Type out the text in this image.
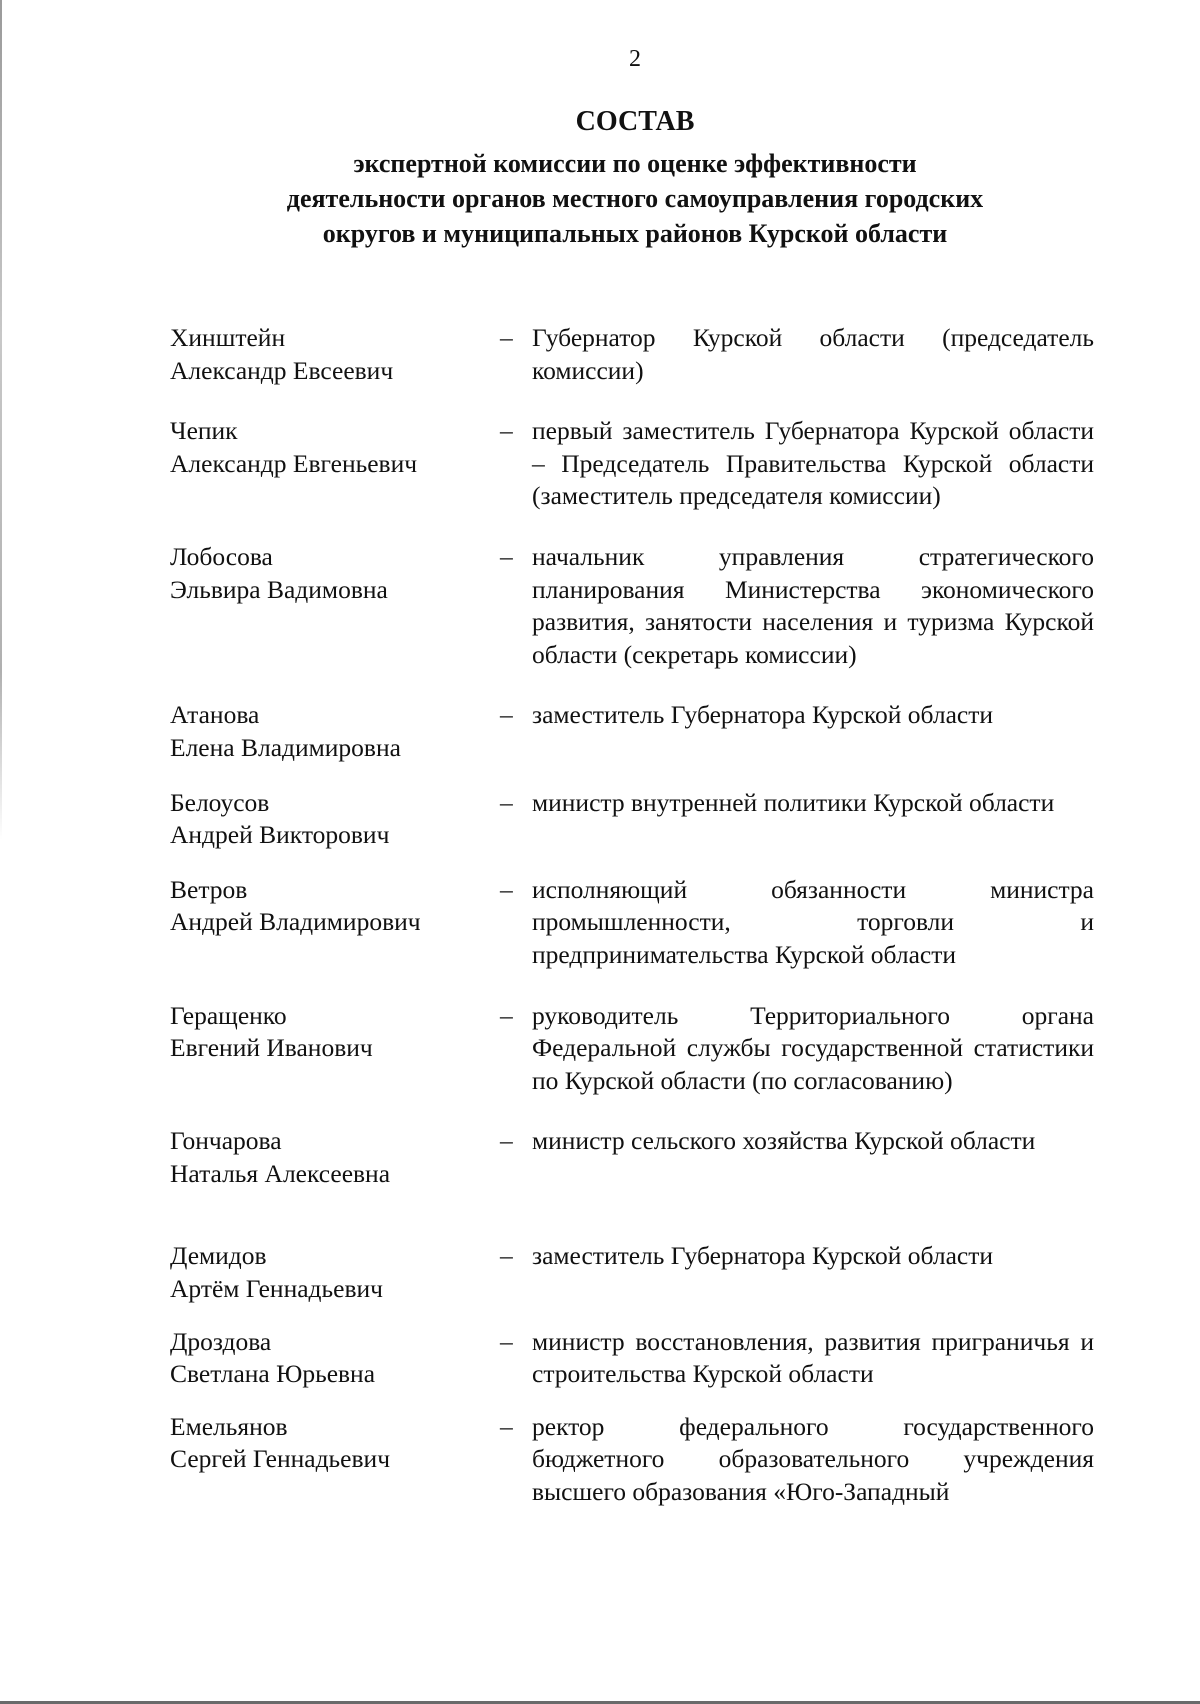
2
СОСТАВ
экспертной комиссии по оценке эффективности
деятельности органов местного самоуправления городских
округов и муниципальных районов Курской области
Хинштейн
Александр Евсеевич
– Губернатор Курской области (председатель комиссии)
Чепик
Александр Евгеньевич
– первый заместитель Губернатора Курской области – Председатель Правительства Курской области (заместитель председателя комиссии)
Лобосова
Эльвира Вадимовна
– начальник управления стратегического планирования Министерства экономического развития, занятости населения и туризма Курской области (секретарь комиссии)
Атанова
Елена Владимировна
– заместитель Губернатора Курской области
Белоусов
Андрей Викторович
– министр внутренней политики Курской области
Ветров
Андрей Владимирович
– исполняющий обязанности министра промышленности, торговли и предпринимательства Курской области
Геращенко
Евгений Иванович
– руководитель Территориального органа Федеральной службы государственной статистики по Курской области (по согласованию)
Гончарова
Наталья Алексеевна
– министр сельского хозяйства Курской области
Демидов
Артём Геннадьевич
– заместитель Губернатора Курской области
Дроздова
Светлана Юрьевна
– министр восстановления, развития приграничья и строительства Курской области
Емельянов
Сергей Геннадьевич
– ректор федерального государственного бюджетного образовательного учреждения высшего образования «Юго-Западный
